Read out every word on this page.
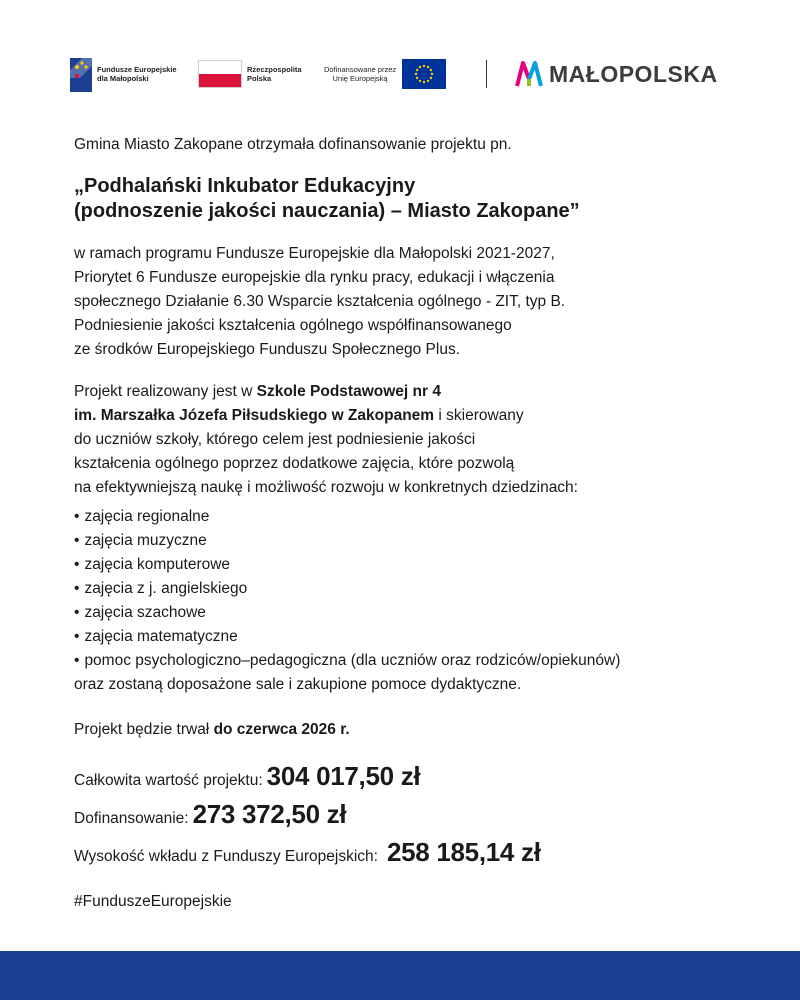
Fundusze Europejskie
dla Małopolski
Rzeczpospolita
Polska
Dofinansowane przez
Unię Europejską	MAŁOPOLSKA

Gmina Miasto Zakopane otrzymała dofinansowanie projektu pn.

„Podhalański Inkubator Edukacyjny
(podnoszenie jakości nauczania) – Miasto Zakopane”

w ramach programu Fundusze Europejskie dla Małopolski 2021-2027,
Priorytet 6 Fundusze europejskie dla rynku pracy, edukacji i włączenia
społecznego Działanie 6.30 Wsparcie kształcenia ogólnego - ZIT, typ B.
Podniesienie jakości kształcenia ogólnego współfinansowanego
ze środków Europejskiego Funduszu Społecznego Plus.

Projekt realizowany jest w Szkole Podstawowej nr 4
im. Marszałka Józefa Piłsudskiego w Zakopanem i skierowany
do uczniów szkoły, którego celem jest podniesienie jakości
kształcenia ogólnego poprzez dodatkowe zajęcia, które pozwolą
na efektywniejszą naukę i możliwość rozwoju w konkretnych dziedzinach:

• zajęcia regionalne
• zajęcia muzyczne
• zajęcia komputerowe
• zajęcia z j. angielskiego
• zajęcia szachowe
• zajęcia matematyczne
• pomoc psychologiczno–pedagogiczna (dla uczniów oraz rodziców/opiekunów)

oraz zostaną doposażone sale i zakupione pomoce dydaktyczne.

Projekt będzie trwał do czerwca 2026 r.

Całkowita wartość projektu: 304 017,50 zł
Dofinansowanie: 273 372,50 zł
Wysokość wkładu z Funduszy Europejskich: 258 185,14 zł

#FunduszeEuropejskie
